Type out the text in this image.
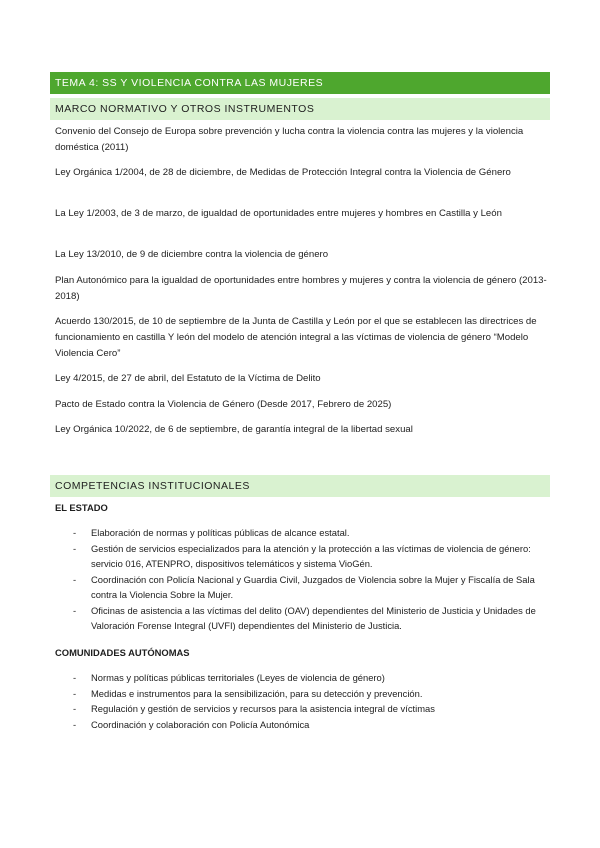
TEMA 4: SS Y VIOLENCIA CONTRA LAS MUJERES
MARCO NORMATIVO Y OTROS INSTRUMENTOS

Convenio del Consejo de Europa sobre prevención y lucha contra la violencia contra las mujeres y la violencia doméstica (2011)

Ley Orgánica 1/2004, de 28 de diciembre, de Medidas de Protección Integral contra la Violencia de Género

La Ley 1/2003, de 3 de marzo, de igualdad de oportunidades entre mujeres y hombres en Castilla y León

La Ley 13/2010, de 9 de diciembre contra la violencia de género

Plan Autonómico para la igualdad de oportunidades entre hombres y mujeres y contra la violencia de género (2013-2018)

Acuerdo 130/2015, de 10 de septiembre de la Junta de Castilla y León por el que se establecen las directrices de funcionamiento en castilla Y león del modelo de atención integral a las víctimas de violencia de género “Modelo Violencia Cero”

Ley 4/2015, de 27 de abril, del Estatuto de la Víctima de Delito

Pacto de Estado contra la Violencia de Género (Desde 2017, Febrero de 2025)

Ley Orgánica 10/2022, de 6 de septiembre, de garantía integral de la libertad sexual

COMPETENCIAS INSTITUCIONALES

EL ESTADO

- Elaboración de normas y políticas públicas de alcance estatal.
- Gestión de servicios especializados para la atención y la protección a las víctimas de violencia de género: servicio 016, ATENPRO, dispositivos telemáticos y sistema VioGén.
- Coordinación con Policía Nacional y Guardia Civil, Juzgados de Violencia sobre la Mujer y Fiscalía de Sala contra la Violencia Sobre la Mujer.
- Oficinas de asistencia a las víctimas del delito (OAV) dependientes del Ministerio de Justicia y Unidades de Valoración Forense Integral (UVFI) dependientes del Ministerio de Justicia.

COMUNIDADES AUTÓNOMAS

- Normas y políticas públicas territoriales (Leyes de violencia de género)
- Medidas e instrumentos para la sensibilización, para su detección y prevención.
- Regulación y gestión de servicios y recursos para la asistencia integral de víctimas
- Coordinación y colaboración con Policía Autonómica
